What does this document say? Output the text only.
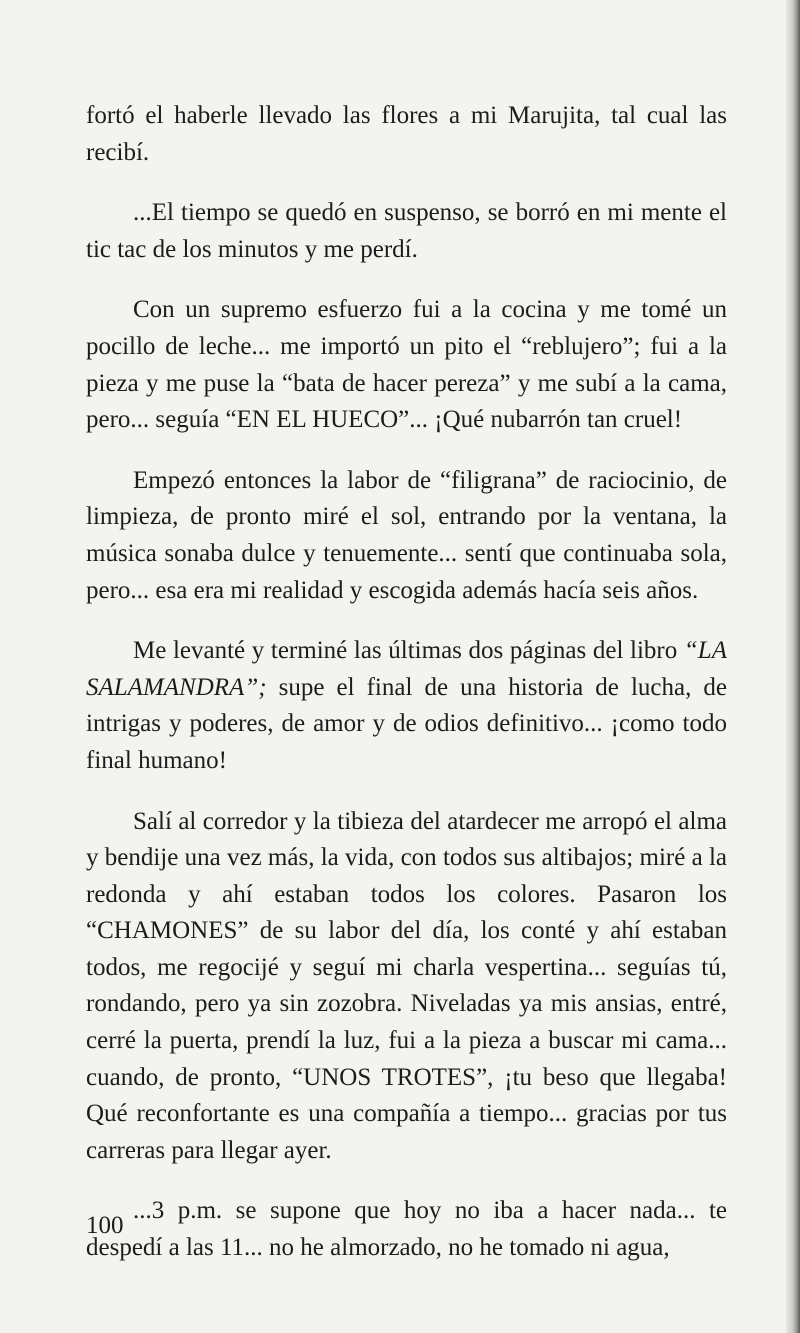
fortó el haberle llevado las flores a mi Marujita, tal cual las recibí.

...El tiempo se quedó en suspenso, se borró en mi mente el tic tac de los minutos y me perdí.

Con un supremo esfuerzo fui a la cocina y me tomé un pocillo de leche... me importó un pito el “reblujero”; fui a la pieza y me puse la “bata de hacer pereza” y me subí a la cama, pero... seguía “EN EL HUECO”... ¡Qué nubarrón tan cruel!

Empezó entonces la labor de “filigrana” de raciocinio, de limpieza, de pronto miré el sol, entrando por la ventana, la música sonaba dulce y tenuemente... sentí que continuaba sola, pero... esa era mi realidad y escogida además hacía seis años.

Me levanté y terminé las últimas dos páginas del libro “LA SALAMANDRA”; supe el final de una historia de lucha, de intrigas y poderes, de amor y de odios definitivo... ¡como todo final humano!

Salí al corredor y la tibieza del atardecer me arropó el alma y bendije una vez más, la vida, con todos sus altibajos; miré a la redonda y ahí estaban todos los colores. Pasaron los “CHAMONES” de su labor del día, los conté y ahí estaban todos, me regocijé y seguí mi charla vespertina... seguías tú, rondando, pero ya sin zozobra. Niveladas ya mis ansias, entré, cerré la puerta, prendí la luz, fui a la pieza a buscar mi cama... cuando, de pronto, “UNOS TROTES”, ¡tu beso que llegaba! Qué reconfortante es una compañía a tiempo... gracias por tus carreras para llegar ayer.

...3 p.m. se supone que hoy no iba a hacer nada... te despedí a las 11... no he almorzado, no he tomado ni agua,

100
